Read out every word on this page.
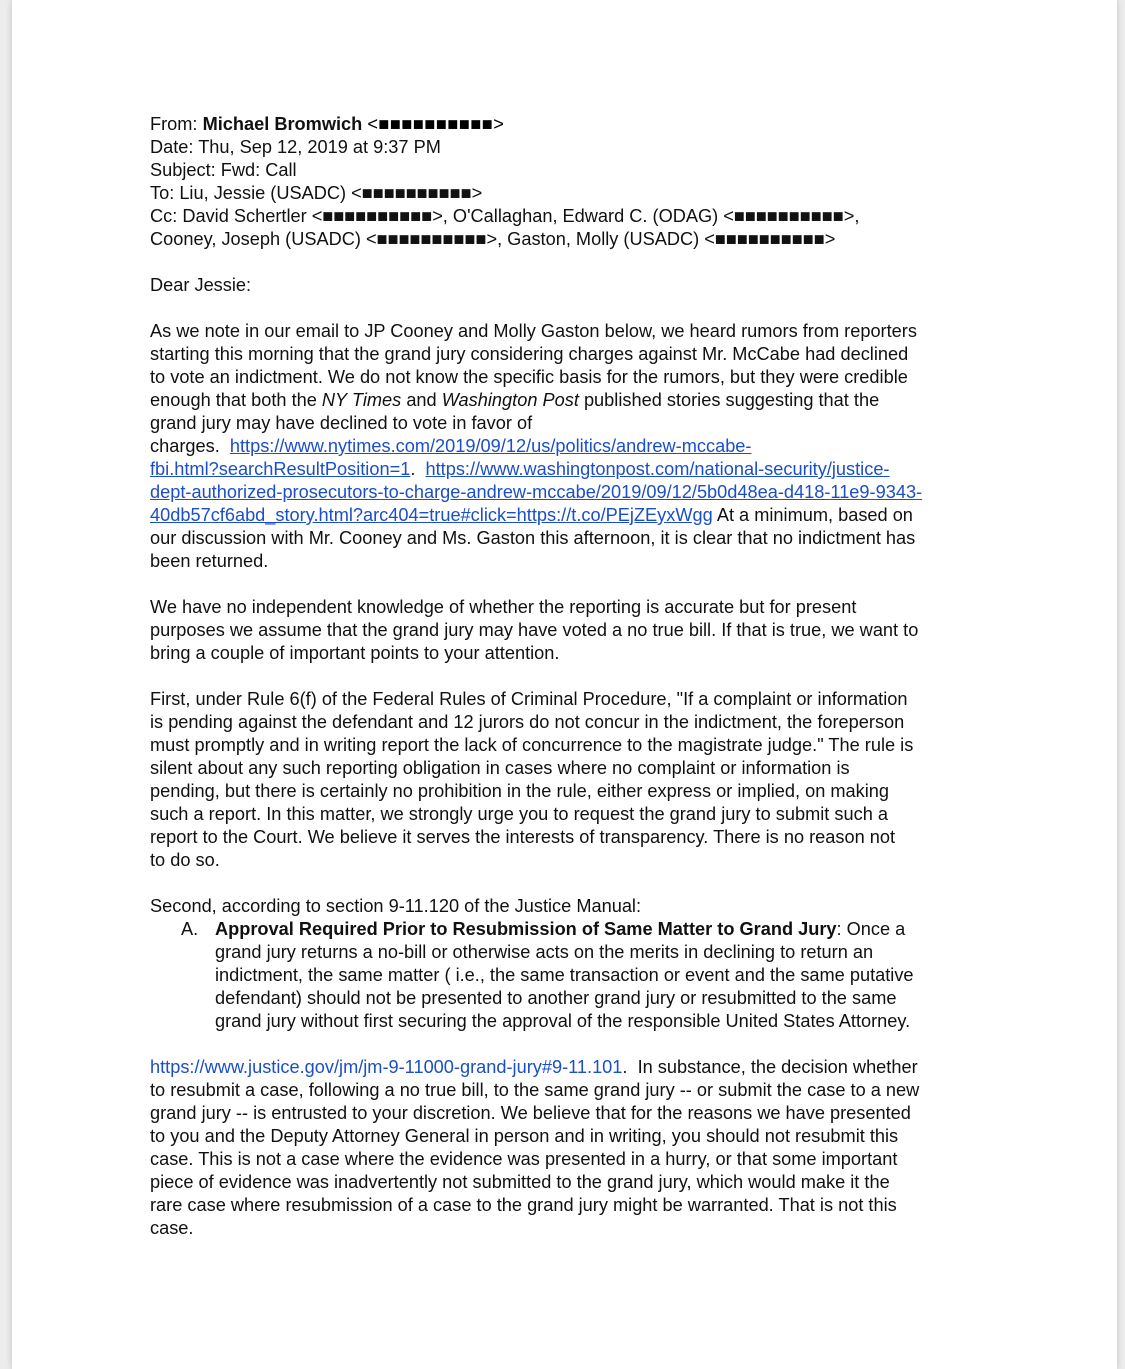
From: Michael Bromwich <■■■■■■■■■■>

Date: Thu, Sep 12, 2019 at 9:37 PM

Subject: Fwd: Call

To: Liu, Jessie (USADC) <■■■■■■■■■■>

Cc: David Schertler <■■■■■■■■■■>, O'Callaghan, Edward C. (ODAG) <■■■■■■■■■■>,

Cooney, Joseph (USADC) <■■■■■■■■■■>, Gaston, Molly (USADC) <■■■■■■■■■■>

Dear Jessie:

As we note in our email to JP Cooney and Molly Gaston below, we heard rumors from reporters

starting this morning that the grand jury considering charges against Mr. McCabe had declined

to vote an indictment. We do not know the specific basis for the rumors, but they were credible

enough that both the NY Times and Washington Post published stories suggesting that the

grand jury may have declined to vote in favor of

charges.  https://www.nytimes.com/2019/09/12/us/politics/andrew-mccabe-

fbi.html?searchResultPosition=1.  https://www.washingtonpost.com/national-security/justice-

dept-authorized-prosecutors-to-charge-andrew-mccabe/2019/09/12/5b0d48ea-d418-11e9-9343-

40db57cf6abd_story.html?arc404=true#click=https://t.co/PEjZEyxWgg At a minimum, based on

our discussion with Mr. Cooney and Ms. Gaston this afternoon, it is clear that no indictment has

been returned.

We have no independent knowledge of whether the reporting is accurate but for present

purposes we assume that the grand jury may have voted a no true bill. If that is true, we want to

bring a couple of important points to your attention.

First, under Rule 6(f) of the Federal Rules of Criminal Procedure, "If a complaint or information

is pending against the defendant and 12 jurors do not concur in the indictment, the foreperson

must promptly and in writing report the lack of concurrence to the magistrate judge." The rule is

silent about any such reporting obligation in cases where no complaint or information is

pending, but there is certainly no prohibition in the rule, either express or implied, on making

such a report. In this matter, we strongly urge you to request the grand jury to submit such a

report to the Court. We believe it serves the interests of transparency. There is no reason not

to do so.

Second, according to section 9-11.120 of the Justice Manual:

A. Approval Required Prior to Resubmission of Same Matter to Grand Jury: Once a

grand jury returns a no-bill or otherwise acts on the merits in declining to return an

indictment, the same matter ( i.e., the same transaction or event and the same putative

defendant) should not be presented to another grand jury or resubmitted to the same

grand jury without first securing the approval of the responsible United States Attorney.

https://www.justice.gov/jm/jm-9-11000-grand-jury#9-11.101.  In substance, the decision whether

to resubmit a case, following a no true bill, to the same grand jury -- or submit the case to a new

grand jury -- is entrusted to your discretion. We believe that for the reasons we have presented

to you and the Deputy Attorney General in person and in writing, you should not resubmit this

case. This is not a case where the evidence was presented in a hurry, or that some important

piece of evidence was inadvertently not submitted to the grand jury, which would make it the

rare case where resubmission of a case to the grand jury might be warranted. That is not this

case.
